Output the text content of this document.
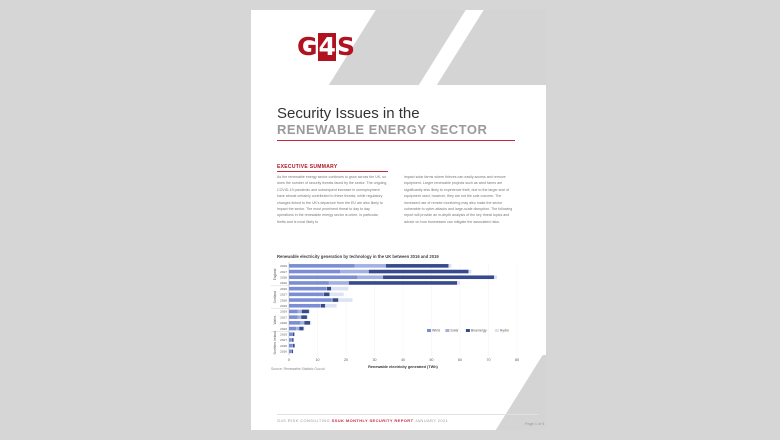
G4S
Security Issues in the
RENEWABLE ENERGY SECTOR
EXECUTIVE SUMMARY
As the renewable energy sector continues to grow across the UK, so does the number of security threats faced by the sector. The ongoing COVID-19 pandemic and subsequent increase in unemployment have almost certainly contributed to these threats, while regulatory changes linked to the UK's departure from the EU are also likely to impact the sector. The most prominent threat to day to day operations in the renewable energy sector is crime, in particular, thefts and is most likely to
impact solar farms where thieves can easily access and remove equipment. Larger renewable projects such as wind farms are significantly less likely to experience theft, due to the larger size of equipment used, however, they are not the sole concern. The increased use of remote monitoring may also make the sector vulnerable to cyber-attacks and large-scale disruption. The following report will provide an in-depth analysis of the key threat topics and advice on how businesses can mitigate the associated risks.
Renewable electricity generation by technology in the UK between 2016 and 2019
0	10	20	30	40	50	60	70	80
2019
2017
2018
2016
England
2019
2017
2018
2016
Scotland
2019
2017
2018
2016
Wales
2019
2017
2018
2016
Northern Ireland
Renewable electricity generated (TWh)
Wind	Solar	Bioenergy	Hydro
Source: Renewable Statistic Gov.uk
G4S RISK CONSULTING SSUK MONTHLY SECURITY REPORT JANUARY 2021
Page 1 of 4
